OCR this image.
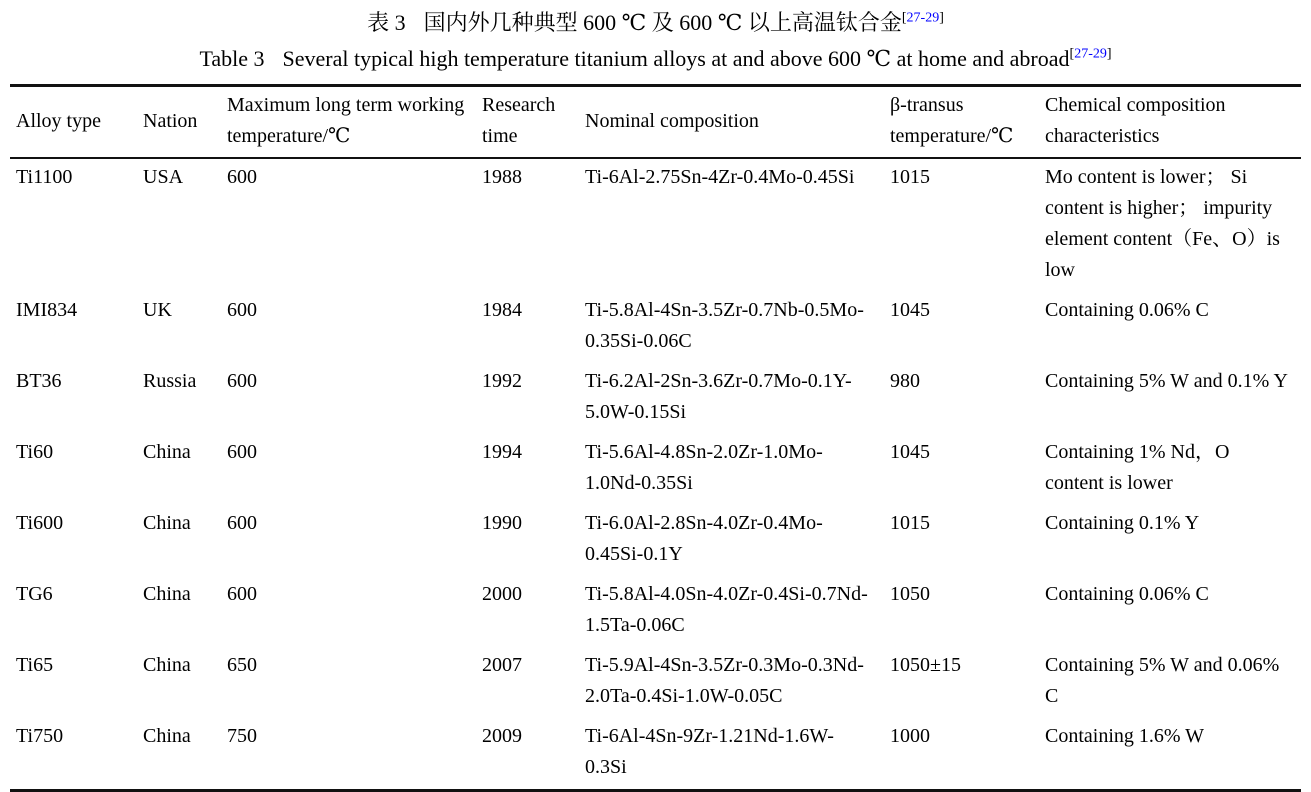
表 3 国内外几种典型 600 ℃ 及 600 ℃ 以上高温钛合金[27-29]
Table 3 Several typical high temperature titanium alloys at and above 600 ℃ at home and abroad[27-29]
Alloy type	Nation	Maximum long term working temperature/℃	Research time	Nominal composition	β-transus temperature/℃	Chemical composition characteristics
Ti1100	USA	600	1988	Ti-6Al-2.75Sn-4Zr-0.4Mo-0.45Si	1015	Mo content is lower； Si content is higher； impurity element content（Fe、O）is low
IMI834	UK	600	1984	Ti-5.8Al-4Sn-3.5Zr-0.7Nb-0.5Mo-0.35Si-0.06C	1045	Containing 0.06% C
BT36	Russia	600	1992	Ti-6.2Al-2Sn-3.6Zr-0.7Mo-0.1Y-5.0W-0.15Si	980	Containing 5% W and 0.1% Y
Ti60	China	600	1994	Ti-5.6Al-4.8Sn-2.0Zr-1.0Mo-1.0Nd-0.35Si	1045	Containing 1% Nd，O content is lower
Ti600	China	600	1990	Ti-6.0Al-2.8Sn-4.0Zr-0.4Mo-0.45Si-0.1Y	1015	Containing 0.1% Y
TG6	China	600	2000	Ti-5.8Al-4.0Sn-4.0Zr-0.4Si-0.7Nd-1.5Ta-0.06C	1050	Containing 0.06% C
Ti65	China	650	2007	Ti-5.9Al-4Sn-3.5Zr-0.3Mo-0.3Nd-2.0Ta-0.4Si-1.0W-0.05C	1050±15	Containing 5% W and 0.06% C
Ti750	China	750	2009	Ti-6Al-4Sn-9Zr-1.21Nd-1.6W-0.3Si	1000	Containing 1.6% W
